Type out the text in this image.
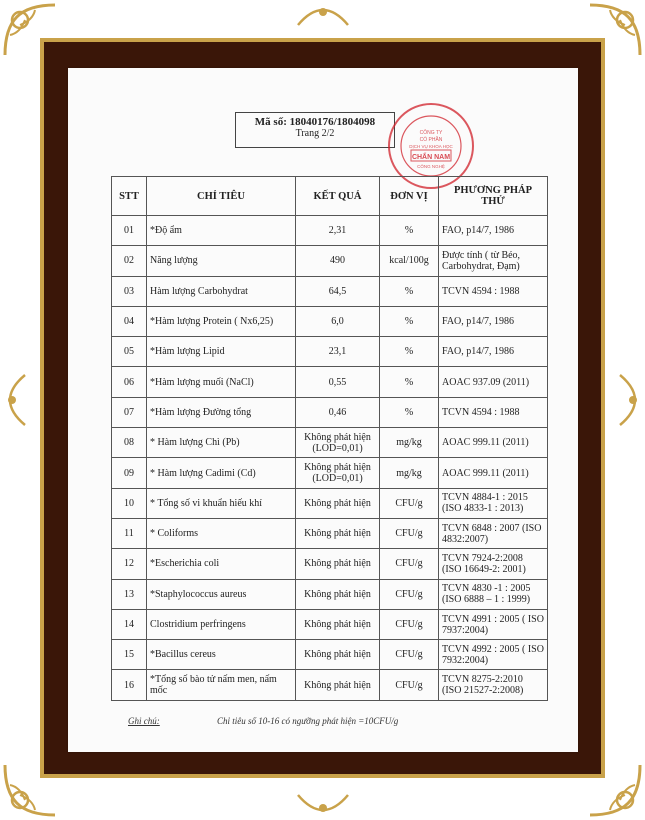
Mã số: 18040176/1804098
Trang 2/2
CHẤN NAM
CÔNG TY
CỔ PHẦN
DỊCH VỤ KHOA HỌC
CÔNG NGHỆ
STT	CHỈ TIÊU	KẾT QUẢ	ĐƠN VỊ	PHƯƠNG PHÁP THỬ
01	*Độ ẩm	2,31	%	FAO, p14/7, 1986
02	Năng lượng	490	kcal/100g	Được tính ( từ Béo, Carbohydrat, Đạm)
03	Hàm lượng Carbohydrat	64,5	%	TCVN 4594 : 1988
04	*Hàm lượng Protein ( Nx6,25)	6,0	%	FAO, p14/7, 1986
05	*Hàm lượng Lipid	23,1	%	FAO, p14/7, 1986
06	*Hàm lượng muối (NaCl)	0,55	%	AOAC 937.09 (2011)
07	*Hàm lượng Đường tổng	0,46	%	TCVN 4594 : 1988
08	* Hàm lượng Chì (Pb)	Không phát hiện (LOD=0,01)	mg/kg	AOAC 999.11 (2011)
09	* Hàm lượng Cadimi (Cd)	Không phát hiện (LOD=0,01)	mg/kg	AOAC 999.11 (2011)
10	* Tổng số vi khuẩn hiếu khí	Không phát hiện	CFU/g	TCVN 4884-1 : 2015 (ISO 4833-1 : 2013)
11	* Coliforms	Không phát hiện	CFU/g	TCVN 6848 : 2007 (ISO 4832:2007)
12	*Escherichia coli	Không phát hiện	CFU/g	TCVN 7924-2:2008 (ISO 16649-2: 2001)
13	*Staphylococcus aureus	Không phát hiện	CFU/g	TCVN 4830 -1 : 2005 (ISO 6888 – 1 : 1999)
14	Clostridium perfringens	Không phát hiện	CFU/g	TCVN 4991 : 2005 ( ISO 7937:2004)
15	*Bacillus cereus	Không phát hiện	CFU/g	TCVN 4992 : 2005 ( ISO 7932:2004)
16	*Tổng số bào tử nấm men, nấm mốc	Không phát hiện	CFU/g	TCVN 8275-2:2010 (ISO 21527-2:2008)
Ghi chú:	Chỉ tiêu số 10-16 có ngưỡng phát hiện =10CFU/g
